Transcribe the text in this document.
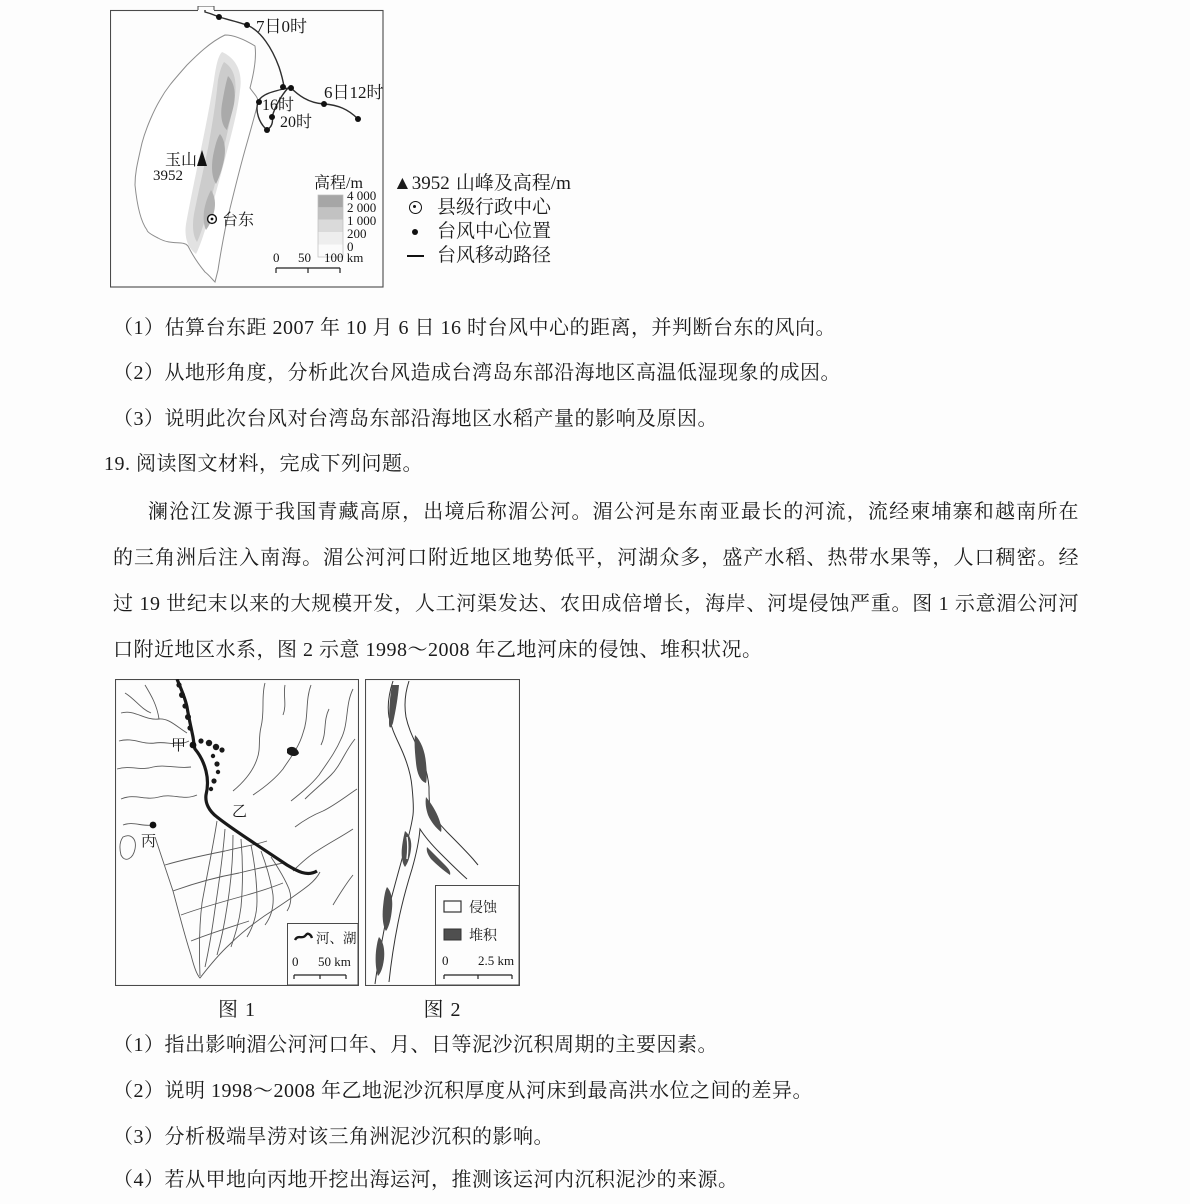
7日0时
6日12时
16时
20时
玉山
3952
台东
高程/m
4 000
2 000
1 000
200
0
0 50 100 km
▲3952 山峰及高程/m
县级行政中心
台风中心位置
台风移动路径
（1）估算台东距 2007 年 10 月 6 日 16 时台风中心的距离，并判断台东的风向。
（2）从地形角度，分析此次台风造成台湾岛东部沿海地区高温低湿现象的成因。
（3）说明此次台风对台湾岛东部沿海地区水稻产量的影响及原因。
19. 阅读图文材料，完成下列问题。
澜沧江发源于我国青藏高原，出境后称湄公河。湄公河是东南亚最长的河流，流经柬埔寨和越南所在
的三角洲后注入南海。湄公河河口附近地区地势低平，河湖众多，盛产水稻、热带水果等，人口稠密。经
过 19 世纪末以来的大规模开发，人工河渠发达、农田成倍增长，海岸、河堤侵蚀严重。图 1 示意湄公河河
口附近地区水系，图 2 示意 1998～2008 年乙地河床的侵蚀、堆积状况。
甲
乙
丙
河、湖
0 50 km
侵蚀
堆积
0 2.5 km
图 1	图 2
（1）指出影响湄公河河口年、月、日等泥沙沉积周期的主要因素。
（2）说明 1998～2008 年乙地泥沙沉积厚度从河床到最高洪水位之间的差异。
（3）分析极端旱涝对该三角洲泥沙沉积的影响。
（4）若从甲地向丙地开挖出海运河，推测该运河内沉积泥沙的来源。
